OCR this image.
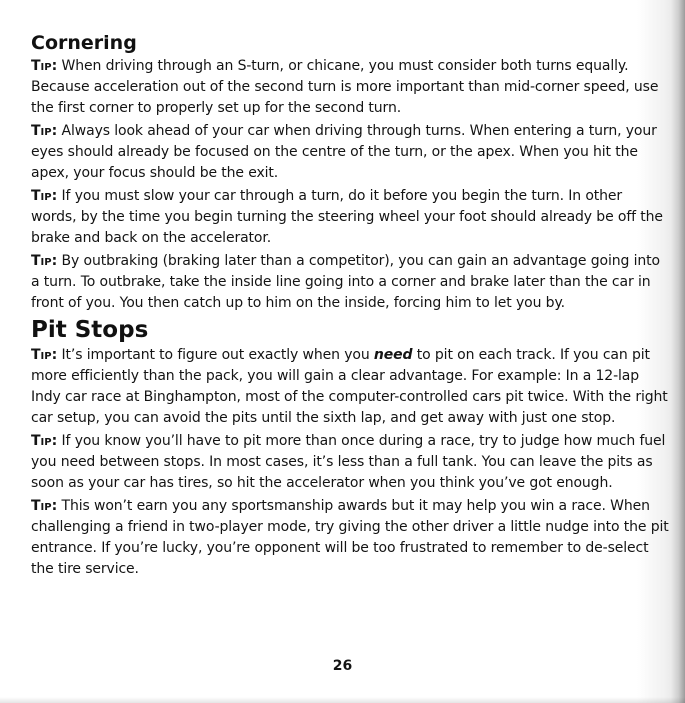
Cornering

Tip: When driving through an S-turn, or chicane, you must consider both turns equally. Because acceleration out of the second turn is more important than mid-corner speed, use the first corner to properly set up for the second turn.

Tip: Always look ahead of your car when driving through turns. When entering a turn, your eyes should already be focused on the centre of the turn, or the apex. When you hit the apex, your focus should be the exit.

Tip: If you must slow your car through a turn, do it before you begin the turn. In other words, by the time you begin turning the steering wheel your foot should already be off the brake and back on the accelerator.

Tip: By outbraking (braking later than a competitor), you can gain an advantage going into a turn. To outbrake, take the inside line going into a corner and brake later than the car in front of you. You then catch up to him on the inside, forcing him to let you by.

Pit Stops

Tip: It’s important to figure out exactly when you need to pit on each track. If you can pit more efficiently than the pack, you will gain a clear advantage. For example: In a 12-lap Indy car race at Binghampton, most of the computer-controlled cars pit twice. With the right car setup, you can avoid the pits until the sixth lap, and get away with just one stop.

Tip: If you know you’ll have to pit more than once during a race, try to judge how much fuel you need between stops. In most cases, it’s less than a full tank. You can leave the pits as soon as your car has tires, so hit the accelerator when you think you’ve got enough.

Tip: This won’t earn you any sportsmanship awards but it may help you win a race. When challenging a friend in two-player mode, try giving the other driver a little nudge into the pit entrance. If you’re lucky, you’re opponent will be too frustrated to remember to de-select the tire service.

26
